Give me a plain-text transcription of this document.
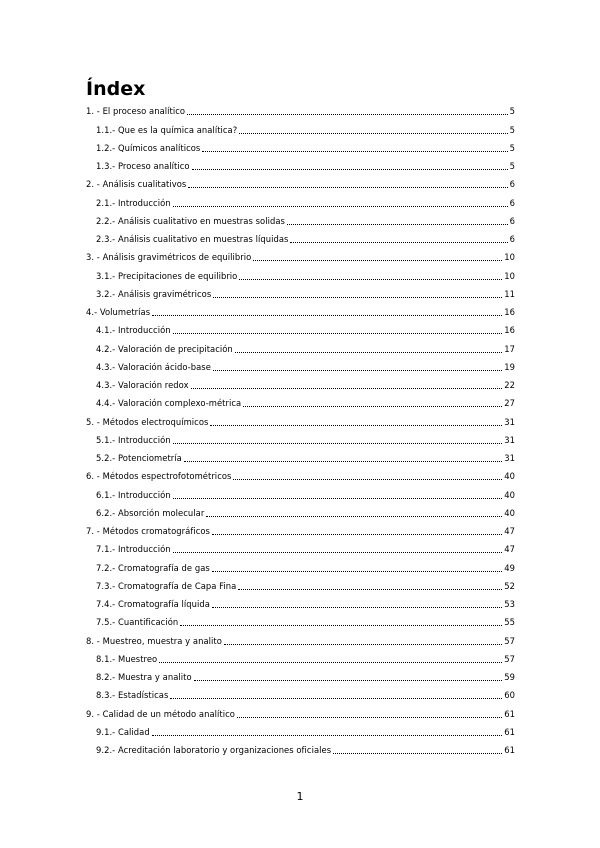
Índex
1. - El proceso analítico	5
1.1.- Que es la química analítica?	5
1.2.- Químicos analíticos	5
1.3.- Proceso analítico	5
2. - Análisis cualitativos	6
2.1.- Introducción	6
2.2.- Análisis cualitativo en muestras solidas	6
2.3.- Análisis cualitativo en muestras líquidas	6
3. - Análisis gravimétricos de equilibrio	10
3.1.- Precipitaciones de equilibrio	10
3.2.- Análisis gravimétricos	11
4.- Volumetrías	16
4.1.- Introducción	16
4.2.- Valoración de precipitación	17
4.3.- Valoración ácido-base	19
4.3.- Valoración redox	22
4.4.- Valoración complexo-métrica	27
5. - Métodos electroquímicos	31
5.1.- Introducción	31
5.2.- Potenciometría	31
6. - Métodos espectrofotométricos	40
6.1.- Introducción	40
6.2.- Absorción molecular	40
7. - Métodos cromatográficos	47
7.1.- Introducción	47
7.2.- Cromatografía de gas	49
7.3.- Cromatografía de Capa Fina	52
7.4.- Cromatografía líquida	53
7.5.- Cuantificación	55
8. - Muestreo, muestra y analito	57
8.1.- Muestreo	57
8.2.- Muestra y analito	59
8.3.- Estadísticas	60
9. - Calidad de un método analítico	61
9.1.- Calidad	61
9.2.- Acreditación laboratorio y organizaciones oficiales	61

1
